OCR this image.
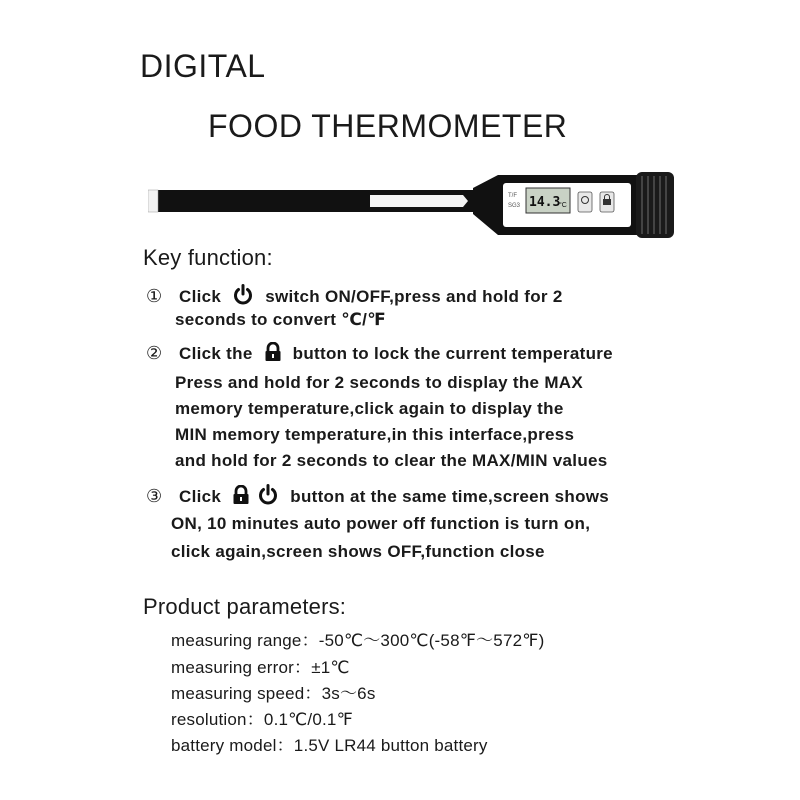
DIGITAL
FOOD THERMOMETER
T/F
SG3 14.3
°C
Key function:
① Click	switch ON/OFF,press and hold for 2
seconds to convert ℃/℉
② Click the button to lock the current temperature
Press and hold for 2 seconds to display the MAX
memory temperature,click again to display the
MIN memory temperature,in this interface,press
and hold for 2 seconds to clear the MAX/MIN values
③ Click	button at the same time,screen shows
ON, 10 minutes auto power off function is turn on,
click again,screen shows OFF,function close
Product parameters:
measuring range：-50℃～300℃(-58℉～572℉)
measuring error：±1℃
measuring speed：3s～6s
resolution：0.1℃/0.1℉
battery model：1.5V LR44 button battery
